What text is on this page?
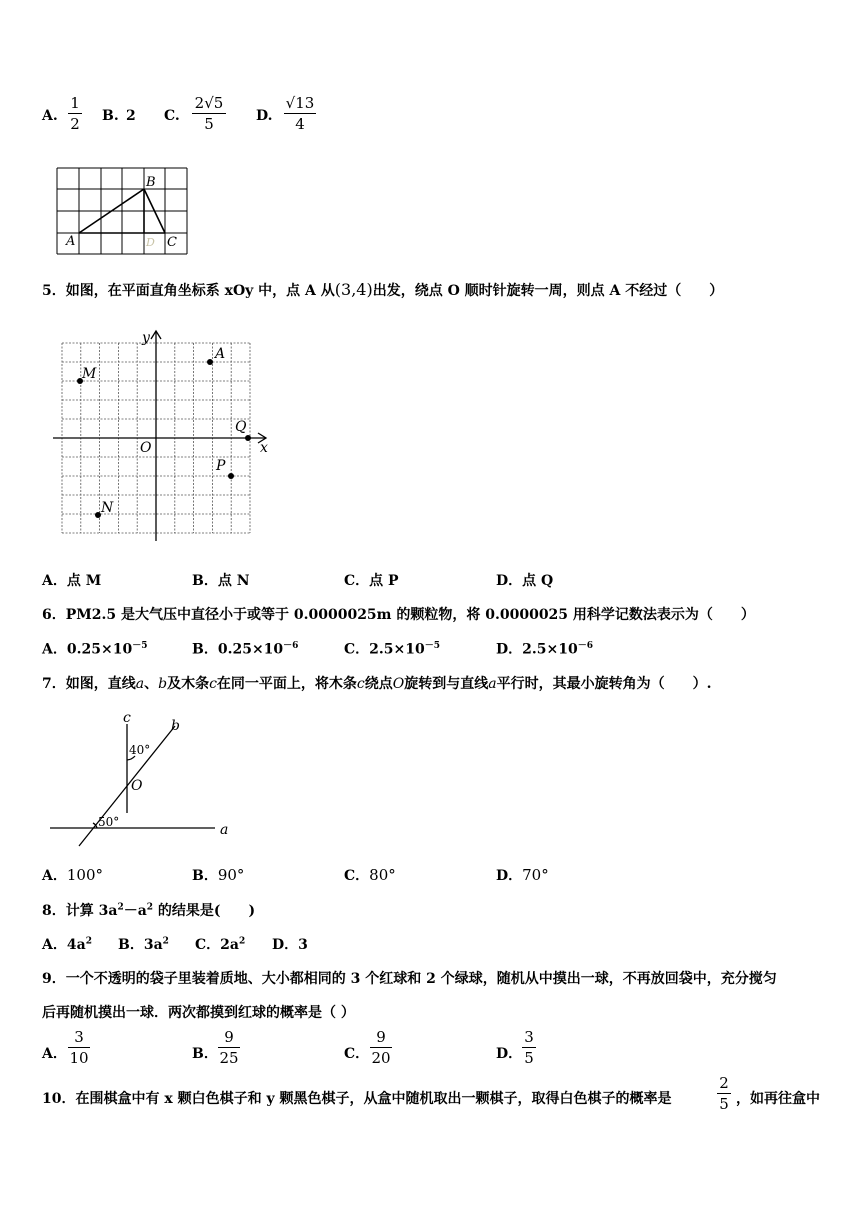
A.
1
2 B. 2 C.
2√5
5	D.
√13
4
A
B
C
D
5．如图，在平面直角坐标系 xOy 中，点 A 从(3,4)出发，绕点 O 顺时针旋转一周，则点 A 不经过（　　）
y
x
O
A
M
Q
P
N
A．点 M	B．点 N	C．点 P	D．点 Q
6．PM2.5 是大气压中直径小于或等于 0.0000025m 的颗粒物，将 0.0000025 用科学记数法表示为（　　）
A．$0.25\times 10^{-5}$	B．$0.25\times 10^{-6}$	C．$2.5\times 10^{-5}$	D．$2.5\times 10^{-6}$
7．如图，直线a、b及木条c在同一平面上，将木条c绕点O旋转到与直线a平行时，其最小旋转角为（　　）.
c	b
a
O
40°
50°
A．100°	B．90°	C．80°	D．70°
8．计算 $3a^2-a^2$ 的结果是(　　)
A．$4a^2$ B．$3a^2$ C．$2a^2$ D．3
9．一个不透明的袋子里装着质地、大小都相同的 3 个红球和 2 个绿球，随机从中摸出一球，不再放回袋中，充分搅匀
后再随机摸出一球．两次都摸到红球的概率是（ ）
A．
3
10	B．
9
25	C．
9
20	D．
3
5
10．在围棋盒中有 x 颗白色棋子和 y 颗黑色棋子，从盒中随机取出一颗棋子，取得白色棋子的概率是
2
5 ，如再往盒中
